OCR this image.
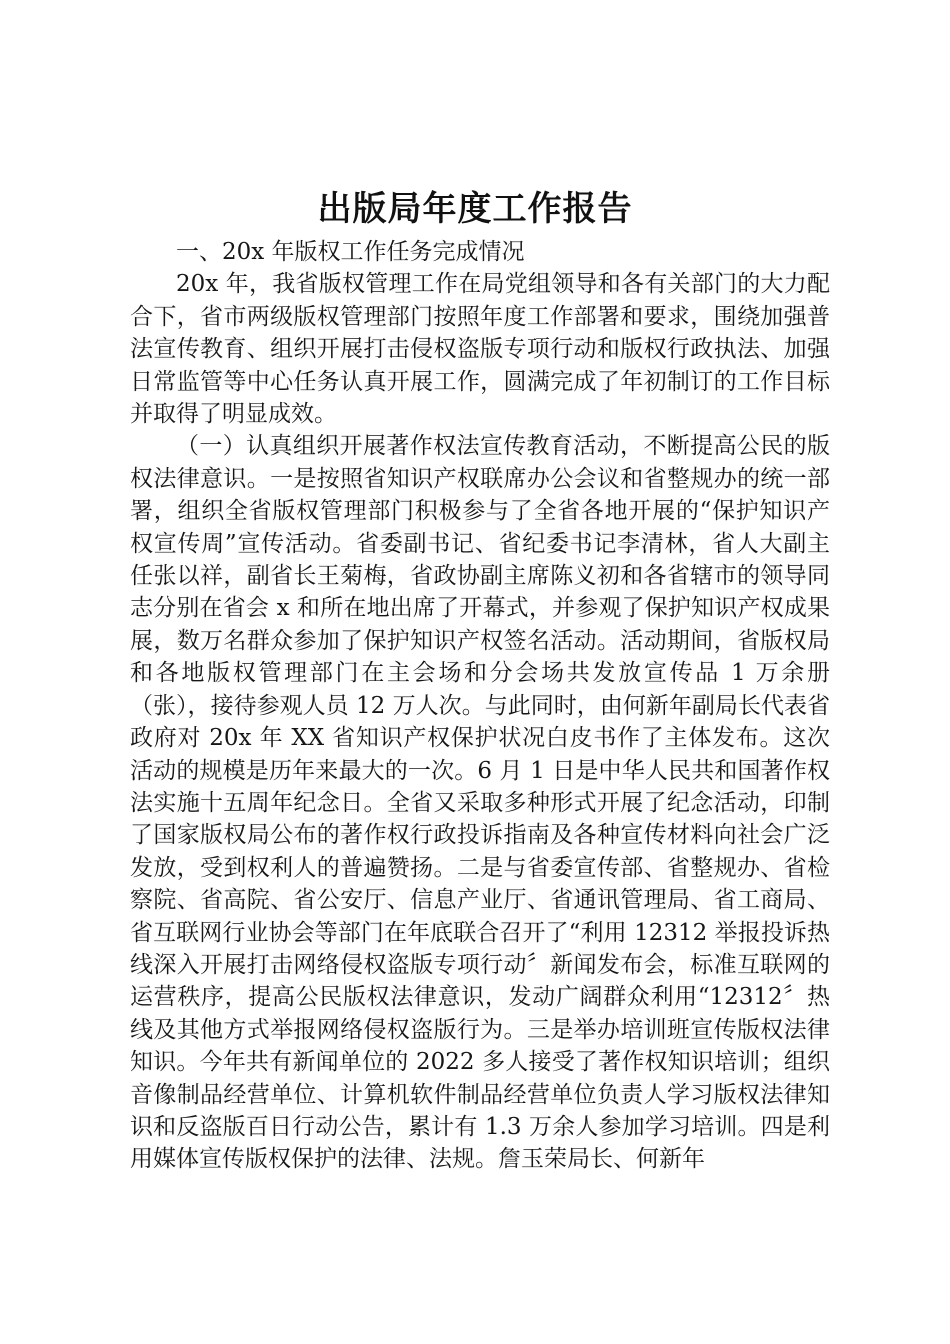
出版局年度工作报告

一、20x 年版权工作任务完成情况

20x 年，我省版权管理工作在局党组领导和各有关部门的大力配合下，省市两级版权管理部门按照年度工作部署和要求，围绕加强普法宣传教育、组织开展打击侵权盗版专项行动和版权行政执法、加强日常监管等中心任务认真开展工作，圆满完成了年初制订的工作目标并取得了明显成效。

（一）认真组织开展著作权法宣传教育活动，不断提高公民的版权法律意识。一是按照省知识产权联席办公会议和省整规办的统一部署，组织全省版权管理部门积极参与了全省各地开展的“保护知识产权宣传周”宣传活动。省委副书记、省纪委书记李清林，省人大副主任张以祥，副省长王菊梅，省政协副主席陈义初和各省辖市的领导同志分别在省会 x 和所在地出席了开幕式，并参观了保护知识产权成果展，数万名群众参加了保护知识产权签名活动。活动期间，省版权局和各地版权管理部门在主会场和分会场共发放宣传品 1 万余册（张），接待参观人员 12 万人次。与此同时，由何新年副局长代表省政府对 20x 年 XX 省知识产权保护状况白皮书作了主体发布。这次活动的规模是历年来最大的一次。6 月 1 日是中华人民共和国著作权法实施十五周年纪念日。全省又采取多种形式开展了纪念活动，印制了国家版权局公布的著作权行政投诉指南及各种宣传材料向社会广泛发放，受到权利人的普遍赞扬。二是与省委宣传部、省整规办、省检察院、省高院、省公安厅、信息产业厅、省通讯管理局、省工商局、省互联网行业协会等部门在年底联合召开了“利用 12312 举报投诉热线深入开展打击网络侵权盗版专项行动〞新闻发布会，标准互联网的运营秩序，提高公民版权法律意识，发动广阔群众利用“12312〞热线及其他方式举报网络侵权盗版行为。三是举办培训班宣传版权法律知识。今年共有新闻单位的 2022 多人接受了著作权知识培训；组织音像制品经营单位、计算机软件制品经营单位负责人学习版权法律知识和反盗版百日行动公告，累计有 1.3 万余人参加学习培训。四是利用媒体宣传版权保护的法律、法规。詹玉荣局长、何新年
